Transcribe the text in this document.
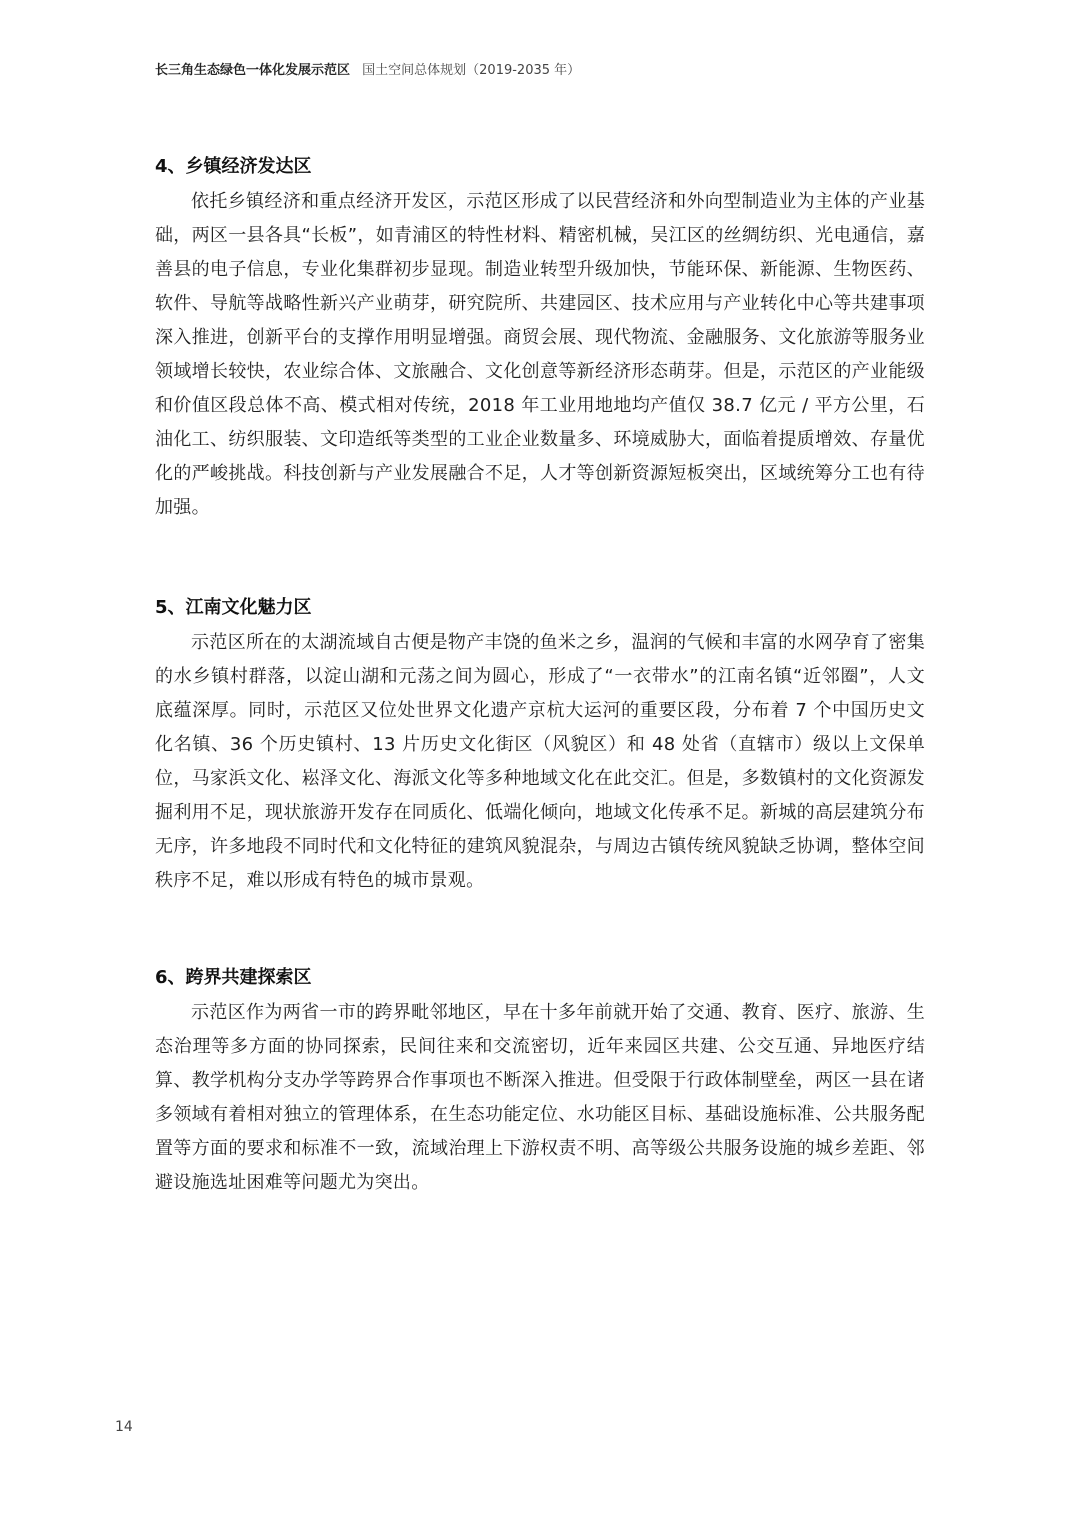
长三角生态绿色一体化发展示范区 国土空间总体规划（2019-2035 年）
4、乡镇经济发达区

依托乡镇经济和重点经济开发区，示范区形成了以民营经济和外向型制造业为主体的产业基础，两区一县各具“长板”，如青浦区的特性材料、精密机械，吴江区的丝绸纺织、光电通信，嘉善县的电子信息，专业化集群初步显现。制造业转型升级加快，节能环保、新能源、生物医药、软件、导航等战略性新兴产业萌芽，研究院所、共建园区、技术应用与产业转化中心等共建事项深入推进，创新平台的支撑作用明显增强。商贸会展、现代物流、金融服务、文化旅游等服务业领域增长较快，农业综合体、文旅融合、文化创意等新经济形态萌芽。但是，示范区的产业能级和价值区段总体不高、模式相对传统，2018 年工业用地地均产值仅 38.7 亿元 / 平方公里，石油化工、纺织服装、文印造纸等类型的工业企业数量多、环境威胁大，面临着提质增效、存量优化的严峻挑战。科技创新与产业发展融合不足，人才等创新资源短板突出，区域统筹分工也有待加强。

5、江南文化魅力区

示范区所在的太湖流域自古便是物产丰饶的鱼米之乡，温润的气候和丰富的水网孕育了密集的水乡镇村群落，以淀山湖和元荡之间为圆心，形成了“一衣带水”的江南名镇“近邻圈”，人文底蕴深厚。同时，示范区又位处世界文化遗产京杭大运河的重要区段，分布着 7 个中国历史文化名镇、36 个历史镇村、13 片历史文化街区（风貌区）和 48 处省（直辖市）级以上文保单位，马家浜文化、崧泽文化、海派文化等多种地域文化在此交汇。但是，多数镇村的文化资源发掘利用不足，现状旅游开发存在同质化、低端化倾向，地域文化传承不足。新城的高层建筑分布无序，许多地段不同时代和文化特征的建筑风貌混杂，与周边古镇传统风貌缺乏协调，整体空间秩序不足，难以形成有特色的城市景观。

6、跨界共建探索区

示范区作为两省一市的跨界毗邻地区，早在十多年前就开始了交通、教育、医疗、旅游、生态治理等多方面的协同探索，民间往来和交流密切，近年来园区共建、公交互通、异地医疗结算、教学机构分支办学等跨界合作事项也不断深入推进。但受限于行政体制壁垒，两区一县在诸多领域有着相对独立的管理体系，在生态功能定位、水功能区目标、基础设施标准、公共服务配置等方面的要求和标准不一致，流域治理上下游权责不明、高等级公共服务设施的城乡差距、邻避设施选址困难等问题尤为突出。

14
